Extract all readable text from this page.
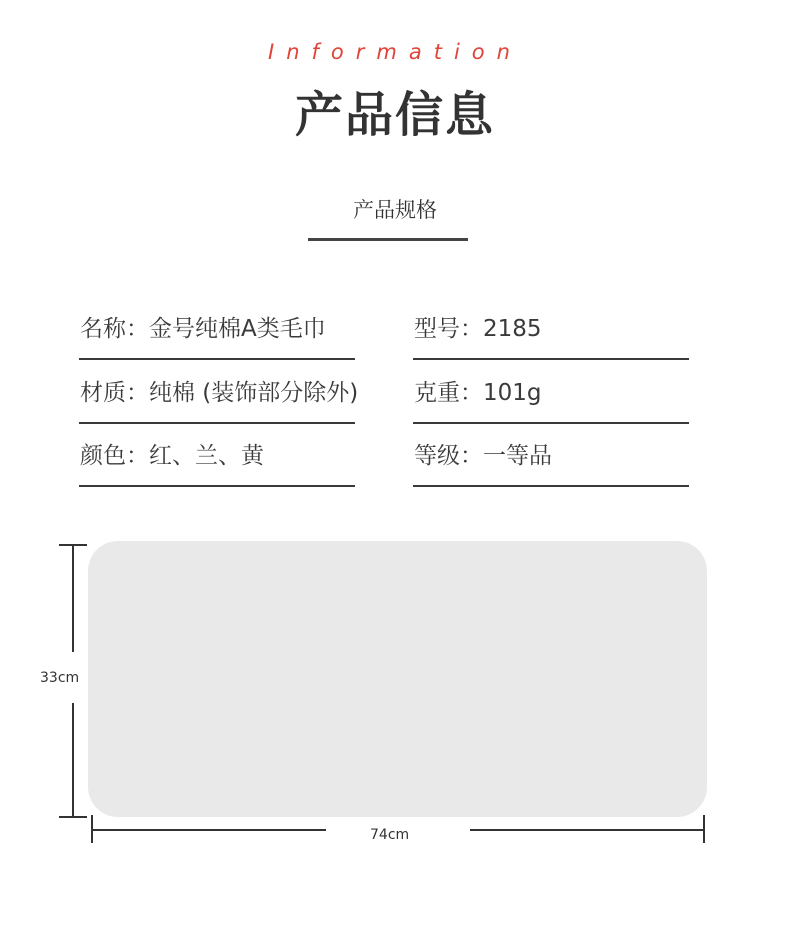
Information
产品信息
产品规格
名称：金号纯棉A类毛巾	型号：2185
材质：纯棉 (装饰部分除外) 克重：101g
颜色：红、兰、黄	等级：一等品
33cm
74cm
